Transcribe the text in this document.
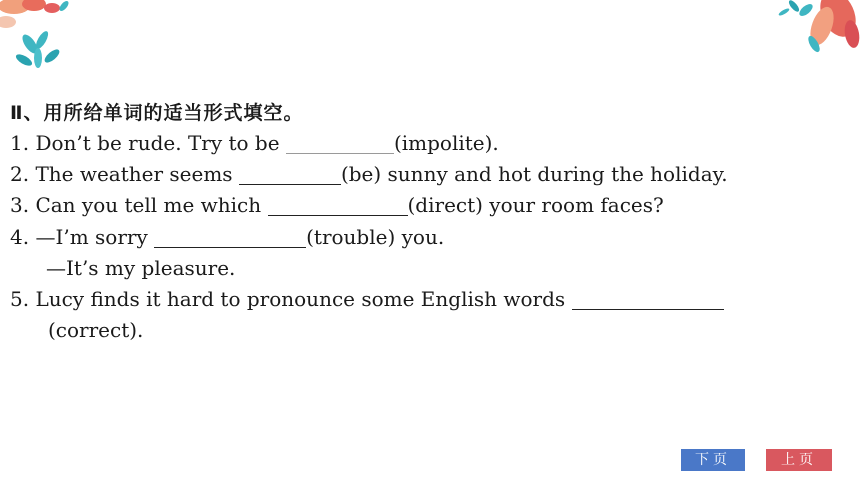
Ⅱ、用所给单词的适当形式填空。
1. Don’t be rude. Try to be	(impolite).
2. The weather seems	(be) sunny and hot during the holiday.
3. Can you tell me which	(direct) your room faces?
4. —I’m sorry	(trouble) you.
—It’s my pleasure.
5. Lucy finds it hard to pronounce some English words
(correct).
下页	上页
